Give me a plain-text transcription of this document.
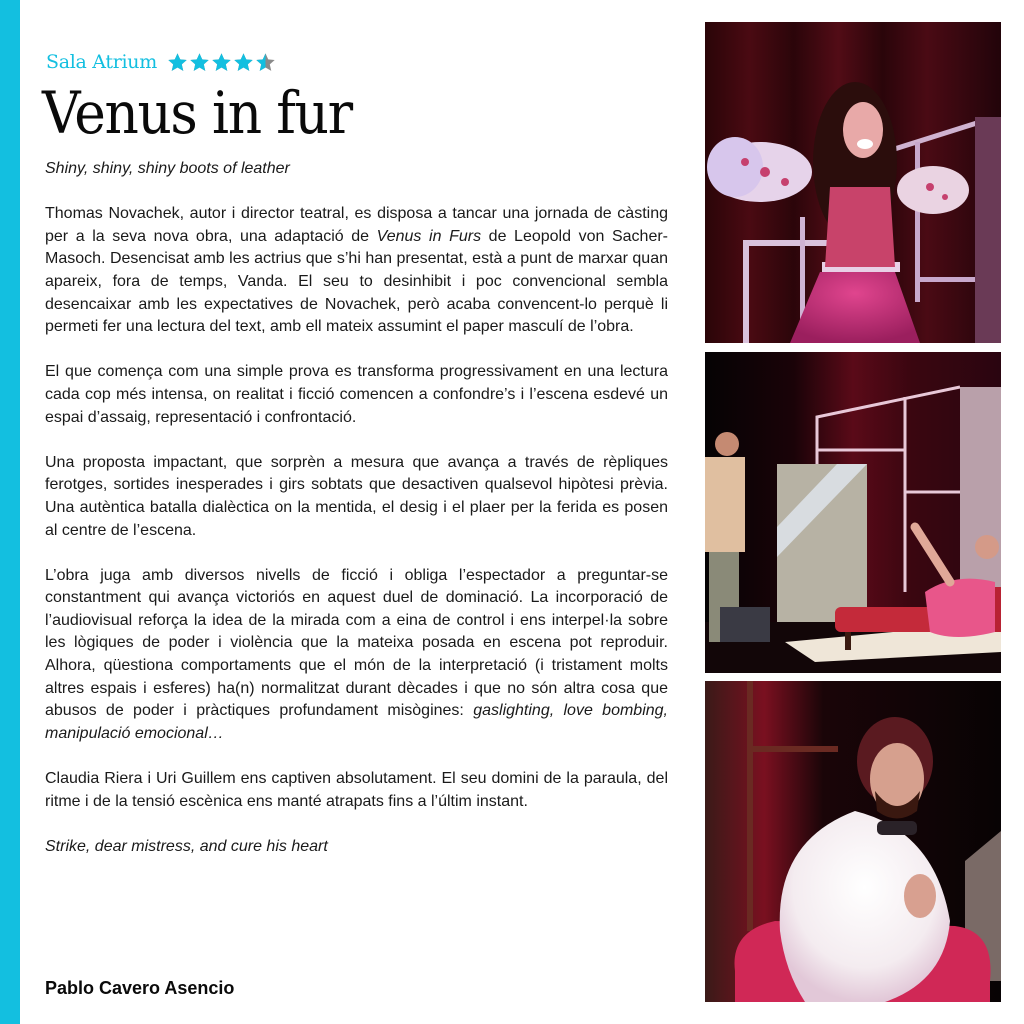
Sala Atrium
Venus in fur

Shiny, shiny, shiny boots of leather

Thomas Novachek, autor i director teatral, es disposa a tancar una jornada de càsting per a la seva nova obra, una adaptació de Venus in Furs de Leopold von Sacher-Masoch. Desencisat amb les actrius que s’hi han presentat, està a punt de marxar quan apareix, fora de temps, Vanda. El seu to desinhibit i poc convencional sembla desencaixar amb les expectatives de Novachek, però acaba convencent-lo perquè li permeti fer una lectura del text, amb ell mateix assumint el paper masculí de l’obra.

El que comença com una simple prova es transforma progressivament en una lectura cada cop més intensa, on realitat i ficció comencen a confondre’s i l’escena esdevé un espai d’assaig, representació i confrontació.

Una proposta impactant, que sorprèn a mesura que avança a través de rèpliques ferotges, sortides inesperades i girs sobtats que desactiven qualsevol hipòtesi prèvia. Una autèntica batalla dialèctica on la mentida, el desig i el plaer per la ferida es posen al centre de l’escena.

L’obra juga amb diversos nivells de ficció i obliga l’espectador a preguntar-se constantment qui avança victoriós en aquest duel de dominació. La incorporació de l’audiovisual reforça la idea de la mirada com a eina de control i ens interpel·la sobre les lògiques de poder i violència que la mateixa posada en escena pot reproduir. Alhora, qüestiona comportaments que el món de la interpretació (i tristament molts altres espais i esferes) ha(n) normalitzat durant dècades i que no són altra cosa que abusos de poder i pràctiques profundament misògines: gaslighting, love bombing, manipulació emocional…

Claudia Riera i Uri Guillem ens captiven absolutament. El seu domini de la paraula, del ritme i de la tensió escènica ens manté atrapats fins a l’últim instant.

Strike, dear mistress, and cure his heart

Pablo Cavero Asencio
